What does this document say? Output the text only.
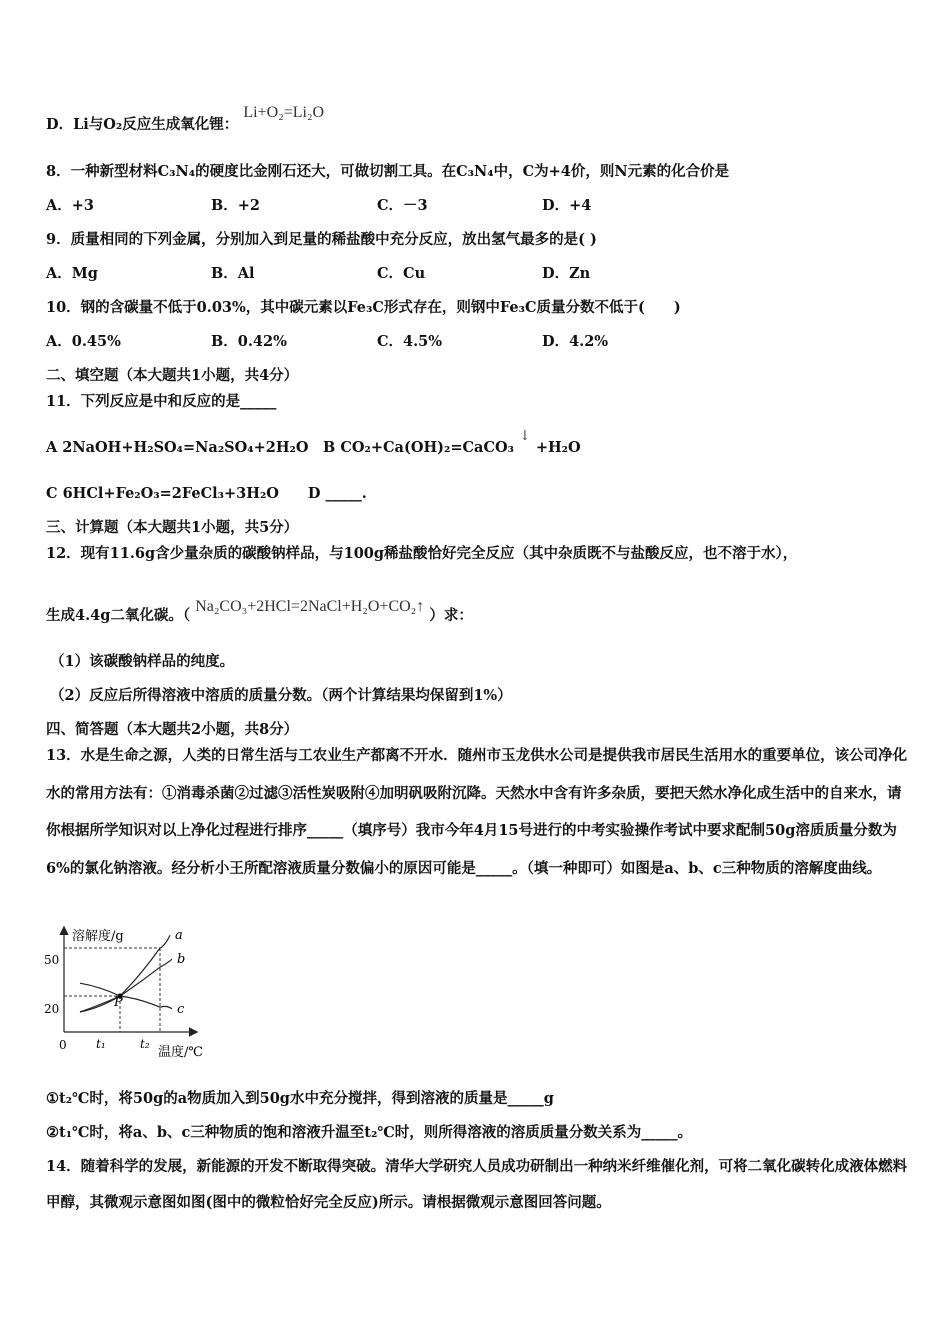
D．Li与O₂反应生成氧化锂： Li+O₂=Li₂O
8．一种新型材料C₃N₄的硬度比金刚石还大，可做切割工具。在C₃N₄中，C为+4价，则N元素的化合价是
A．+3	B．+2	C．－3	D．+4
9．质量相同的下列金属，分别加入到足量的稀盐酸中充分反应，放出氢气最多的是( )
A．Mg	B．Al	C．Cu	D．Zn
10．钢的含碳量不低于0.03%，其中碳元素以Fe₃C形式存在，则钢中Fe₃C质量分数不低于(　　)
A．0.45%	B．0.42%	C．4.5%	D．4.2%
二、填空题（本大题共1小题，共4分）
11．下列反应是中和反应的是_____
A 2NaOH+H₂SO₄=Na₂SO₄+2H₂O　B CO₂+Ca(OH)₂=CaCO₃ ↓ +H₂O
C 6HCl+Fe₂O₃=2FeCl₃+3H₂O　　D _____.
三、计算题（本大题共1小题，共5分）
12．现有11.6g含少量杂质的碳酸钠样品，与100g稀盐酸恰好完全反应（其中杂质既不与盐酸反应，也不溶于水），
生成4.4g二氧化碳。（ Na₂CO₃+2HCl=2NaCl+H₂O+CO₂↑ ）求：
（1）该碳酸钠样品的纯度。
（2）反应后所得溶液中溶质的质量分数。（两个计算结果均保留到1%）
四、简答题（本大题共2小题，共8分）
13．水是生命之源，人类的日常生活与工农业生产都离不开水．随州市玉龙供水公司是提供我市居民生活用水的重要单位，该公司净化水的常用方法有：①消毒杀菌②过滤③活性炭吸附④加明矾吸附沉降。天然水中含有许多杂质，要把天然水净化成生活中的自来水，请你根据所学知识对以上净化过程进行排序_____（填序号）我市今年4月15号进行的中考实验操作考试中要求配制50g溶质质量分数为6%的氯化钠溶液。经分析小王所配溶液质量分数偏小的原因可能是_____。（填一种即可）如图是a、b、c三种物质的溶解度曲线。
溶解度/g
温度/℃
0
50
20
t₁	t₂
a
b
c
P
①t₂℃时，将50g的a物质加入到50g水中充分搅拌，得到溶液的质量是_____g
②t₁℃时，将a、b、c三种物质的饱和溶液升温至t₂℃时，则所得溶液的溶质质量分数关系为_____。
14．随着科学的发展，新能源的开发不断取得突破。清华大学研究人员成功研制出一种纳米纤维催化剂，可将二氧化碳转化成液体燃料甲醇，其微观示意图如图(图中的微粒恰好完全反应)所示。请根据微观示意图回答问题。
